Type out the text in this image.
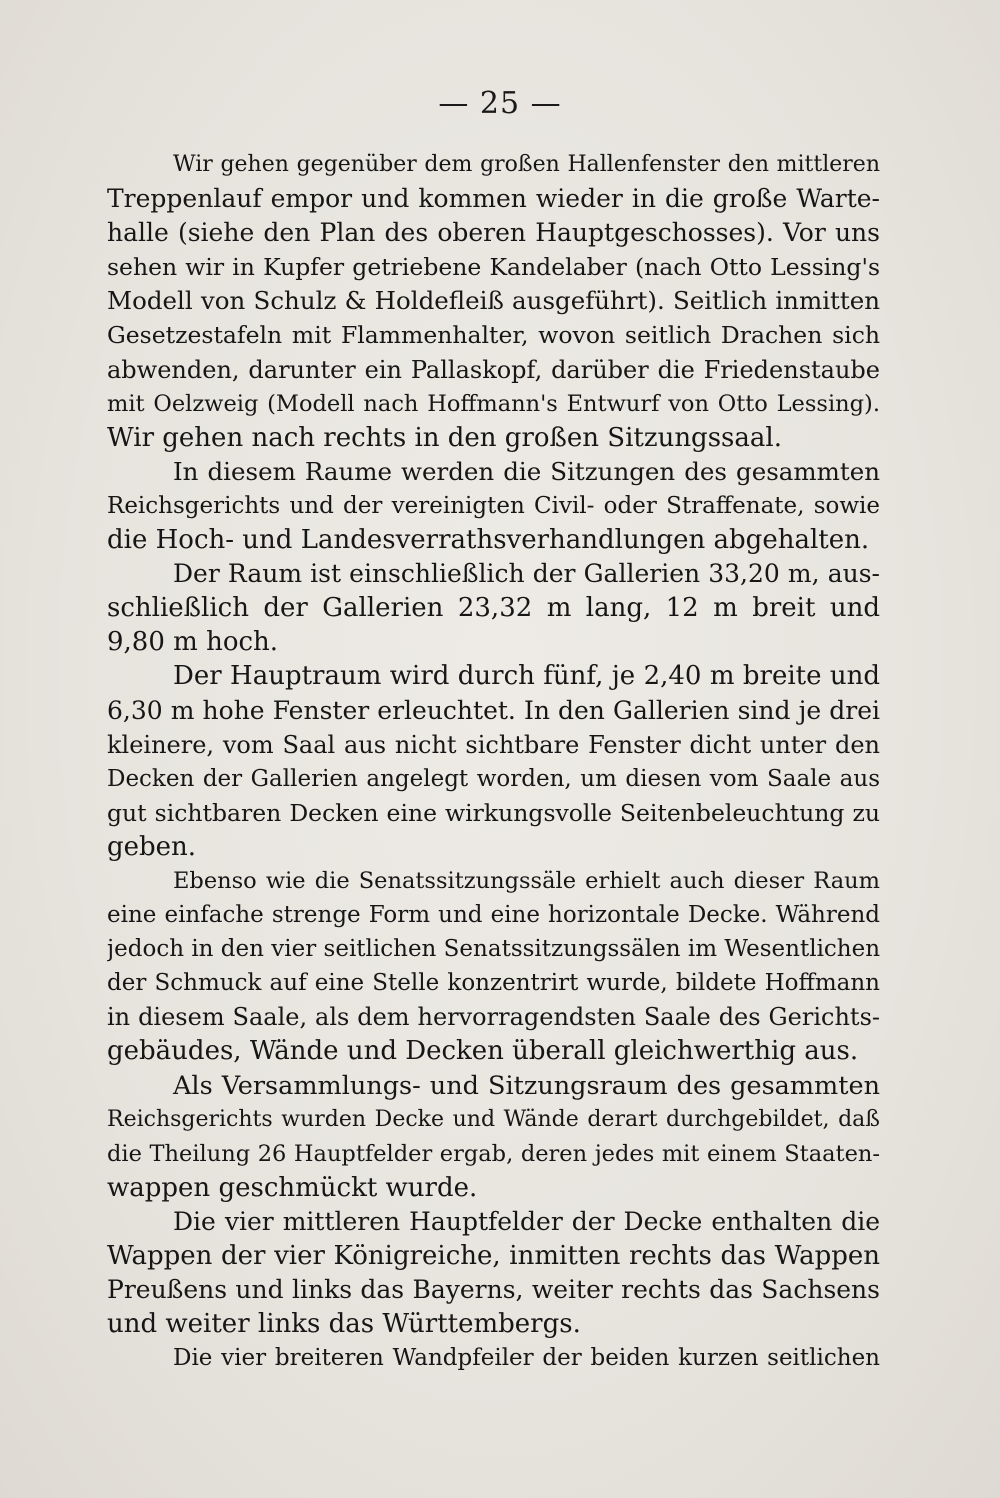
— 25 —
Wir gehen gegenüber dem großen Hallenfenster den mittleren
Treppenlauf empor und kommen wieder in die große Warte-
halle (siehe den Plan des oberen Hauptgeschosses). Vor uns
sehen wir in Kupfer getriebene Kandelaber (nach Otto Lessing's
Modell von Schulz & Holdefleiß ausgeführt). Seitlich inmitten
Gesetzestafeln mit Flammenhalter, wovon seitlich Drachen sich
abwenden, darunter ein Pallaskopf, darüber die Friedenstaube
mit Oelzweig (Modell nach Hoffmann's Entwurf von Otto Lessing).
Wir gehen nach rechts in den großen Sitzungssaal.
In diesem Raume werden die Sitzungen des gesammten
Reichsgerichts und der vereinigten Civil- oder Straffenate, sowie
die Hoch- und Landesverrathsverhandlungen abgehalten.
Der Raum ist einschließlich der Gallerien 33,20 m, aus-
schließlich der Gallerien 23,32 m lang, 12 m breit und
9,80 m hoch.
Der Hauptraum wird durch fünf, je 2,40 m breite und
6,30 m hohe Fenster erleuchtet. In den Gallerien sind je drei
kleinere, vom Saal aus nicht sichtbare Fenster dicht unter den
Decken der Gallerien angelegt worden, um diesen vom Saale aus
gut sichtbaren Decken eine wirkungsvolle Seitenbeleuchtung zu
geben.
Ebenso wie die Senatssitzungssäle erhielt auch dieser Raum
eine einfache strenge Form und eine horizontale Decke. Während
jedoch in den vier seitlichen Senatssitzungssälen im Wesentlichen
der Schmuck auf eine Stelle konzentrirt wurde, bildete Hoffmann
in diesem Saale, als dem hervorragendsten Saale des Gerichts-
gebäudes, Wände und Decken überall gleichwerthig aus.
Als Versammlungs- und Sitzungsraum des gesammten
Reichsgerichts wurden Decke und Wände derart durchgebildet, daß
die Theilung 26 Hauptfelder ergab, deren jedes mit einem Staaten-
wappen geschmückt wurde.
Die vier mittleren Hauptfelder der Decke enthalten die
Wappen der vier Königreiche, inmitten rechts das Wappen
Preußens und links das Bayerns, weiter rechts das Sachsens
und weiter links das Württembergs.
Die vier breiteren Wandpfeiler der beiden kurzen seitlichen
